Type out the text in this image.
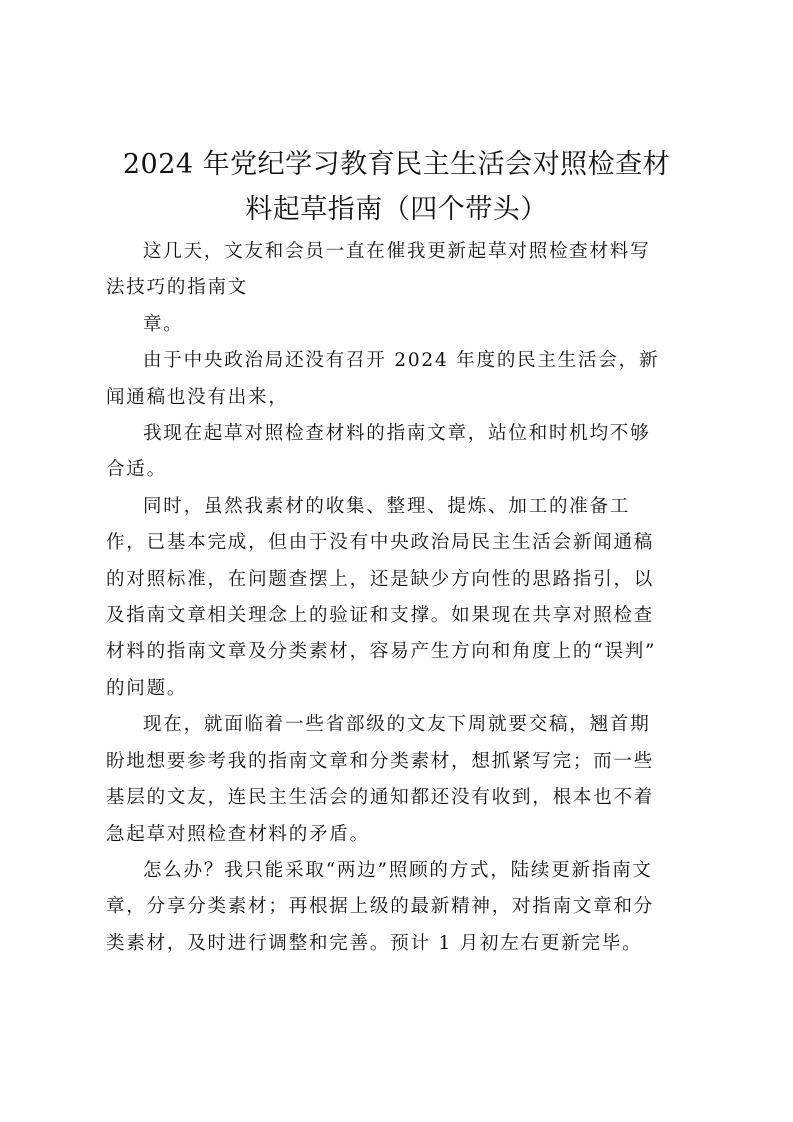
2024 年党纪学习教育民主生活会对照检查材
料起草指南（四个带头）

这几天，文友和会员一直在催我更新起草对照检查材料写
法技巧的指南文

章。

由于中央政治局还没有召开 2024 年度的民主生活会，新
闻通稿也没有出来，

我现在起草对照检查材料的指南文章，站位和时机均不够
合适。

同时，虽然我素材的收集、整理、提炼、加工的准备工
作，已基本完成，但由于没有中央政治局民主生活会新闻通稿
的对照标准，在问题查摆上，还是缺少方向性的思路指引，以
及指南文章相关理念上的验证和支撑。如果现在共享对照检查
材料的指南文章及分类素材，容易产生方向和角度上的“误判”
的问题。

现在，就面临着一些省部级的文友下周就要交稿，翘首期
盼地想要参考我的指南文章和分类素材，想抓紧写完；而一些
基层的文友，连民主生活会的通知都还没有收到，根本也不着
急起草对照检查材料的矛盾。

怎么办？我只能采取“两边”照顾的方式，陆续更新指南文
章，分享分类素材；再根据上级的最新精神，对指南文章和分
类素材，及时进行调整和完善。预计 1 月初左右更新完毕。
